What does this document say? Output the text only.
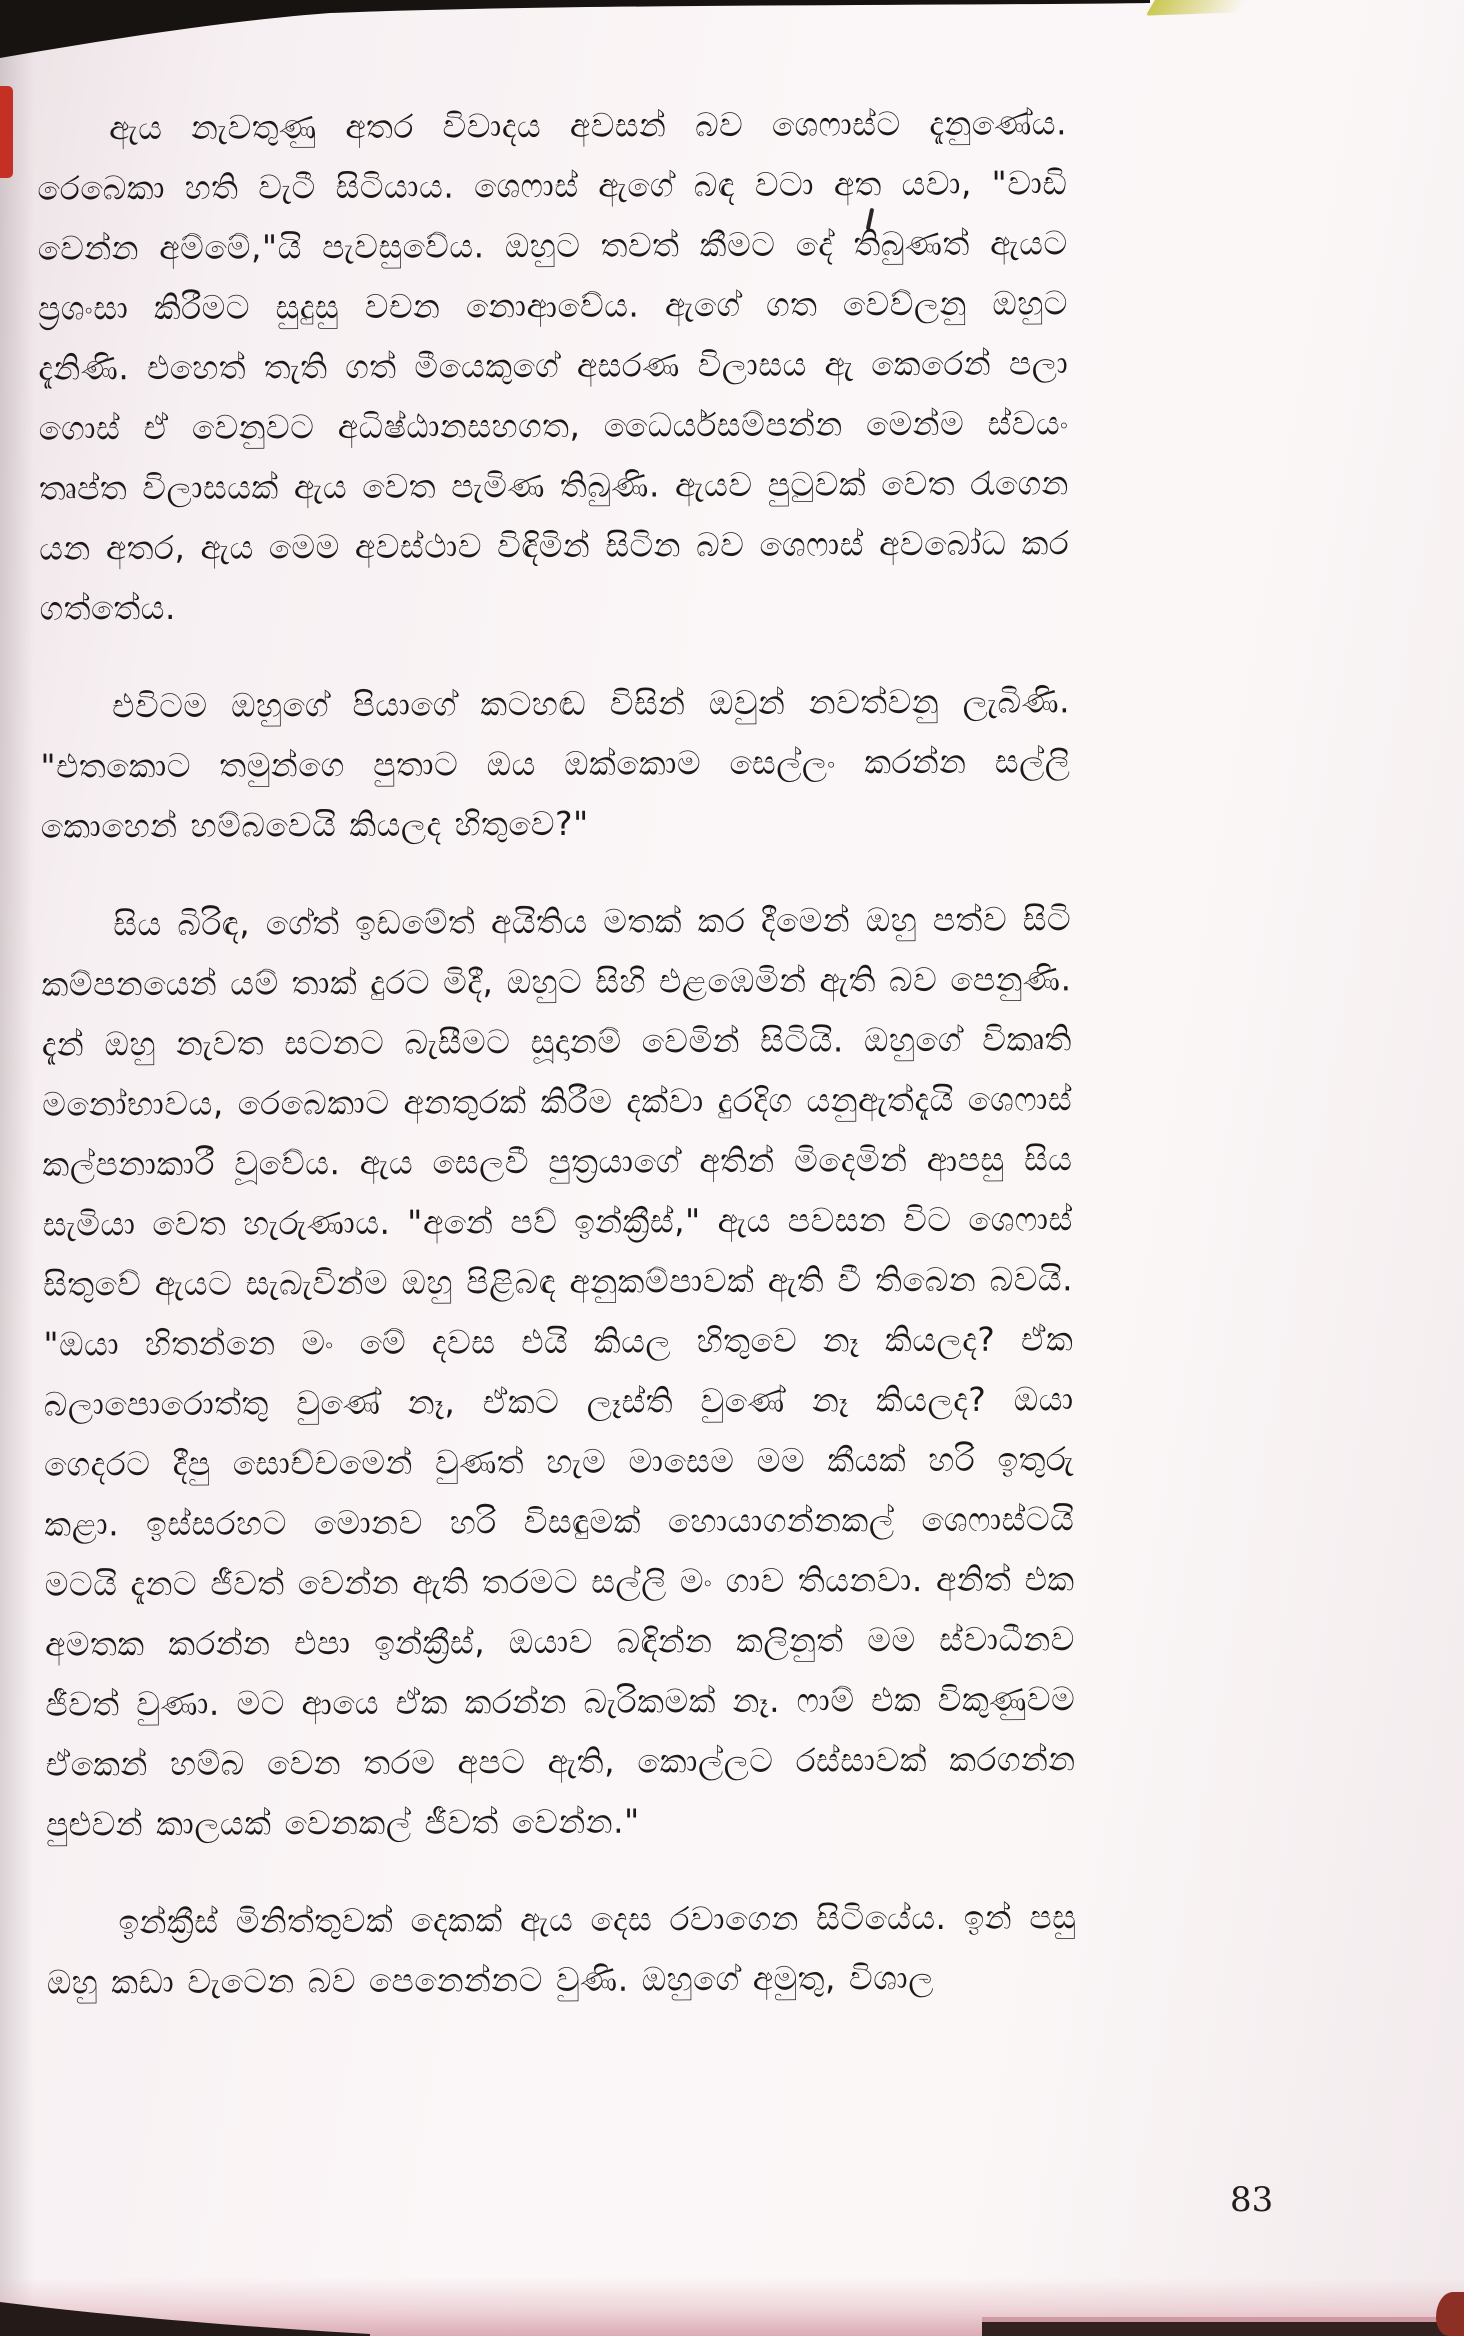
ඇය නැවතුණු අතර විවාදය අවසන් බව ශෙෆාස්ට දැනුණේය. රෙබෙකා හති වැටී සිටියාය. ශෙෆාස් ඇගේ බඳ වටා අත යවා, "වාඩි වෙන්න අම්මේ,"යි පැවසුවේය. ඔහුට තවත් කීමට දේ තිබුණත් ඇයට ප්‍රශංසා කිරීමට සුදුසු වචන නොආවේය. ඇගේ ගත වෙව්ලනු ඔහුට දැනිණි. එහෙත් තැති ගත් මීයෙකුගේ අසරණ විලාසය ඇ කෙරෙන් පලා ගොස් ඒ වෙනුවට අධිෂ්ඨානසහගත, ධෛර්යසම්පන්න මෙන්ම ස්වයං තෘප්ත විලාසයක් ඇය වෙත පැමිණ තිබුණි. ඇයව පුටුවක් වෙත රැගෙන යන අතර, ඇය මෙම අවස්ථාව විඳිමින් සිටින බව ශෙෆාස් අවබෝධ කර ගත්තේය.

එවිටම ඔහුගේ පියාගේ කටහඬ විසින් ඔවුන් නවත්වනු ලැබිණි. "එතකොට තමුන්ගෙ පුතාට ඔය ඔක්කොම සෙල්ලං කරන්න සල්ලි කොහෙන් හම්බවෙයි කියලද හිතුවෙ?"

සිය බිරිඳ, ගේත් ඉඩමේත් අයිතිය මතක් කර දීමෙන් ඔහු පත්ව සිටි කම්පනයෙන් යම් තාක් දුරට මිදී, ඔහුට සිහි එළඹෙමින් ඇති බව පෙනුණි. දැන් ඔහු නැවත සටනට බැසීමට සූදානම් වෙමින් සිටියි. ඔහුගේ විකෘති මනෝභාවය, රෙබෙකාට අනතුරක් කිරීම දක්වා දුරදිග යනුඇත්දැයි ශෙෆාස් කල්පනාකාරී වූවේය. ඇය සෙලවී පුත්‍රයාගේ අතින් මිදෙමින් ආපසු සිය සැමියා වෙත හැරුණාය. "අනේ පව් ඉන්ක්‍රීස්," ඇය පවසන විට ශෙෆාස් සිතුවේ ඇයට සැබැවින්ම ඔහු පිළිබඳ අනුකම්පාවක් ඇති වී තිබෙන බවයි. "ඔයා හිතන්නෙ මං මේ දවස එයි කියල හිතුවෙ නෑ කියලද? ඒක බලාපොරොත්තු වුණේ නෑ, ඒකට ලෑස්ති වුණේ නෑ කියලද? ඔයා ගෙදරට දීපු සොච්චමෙන් වුණත් හැම මාසෙම මම කීයක් හරි ඉතුරු කළා. ඉස්සරහට මොනව හරි විසඳුමක් හොයාගන්නකල් ශෙෆාස්ටයි මටයි දැනට ජීවත් වෙන්න ඇති තරමට සල්ලි මං ගාව තියනවා. අනිත් එක අමතක කරන්න එපා ඉන්ක්‍රීස්, ඔයාව බඳින්න කලිනුත් මම ස්වාධීනව ජීවත් වුණා. මට ආයෙ ඒක කරන්න බැරිකමක් නෑ. ෆාම් එක විකුණුවම ඒකෙන් හම්බ වෙන තරම අපට ඇති, කොල්ලට රස්සාවක් කරගන්න පුළුවන් කාලයක් වෙනකල් ජීවත් වෙන්න."

ඉන්ක්‍රීස් මිනිත්තුවක් දෙකක් ඇය දෙස රවාගෙන සිටියේය. ඉන් පසු ඔහු කඩා වැටෙන බව පෙනෙන්නට වුණි. ඔහුගේ අමුතු, විශාල

83
